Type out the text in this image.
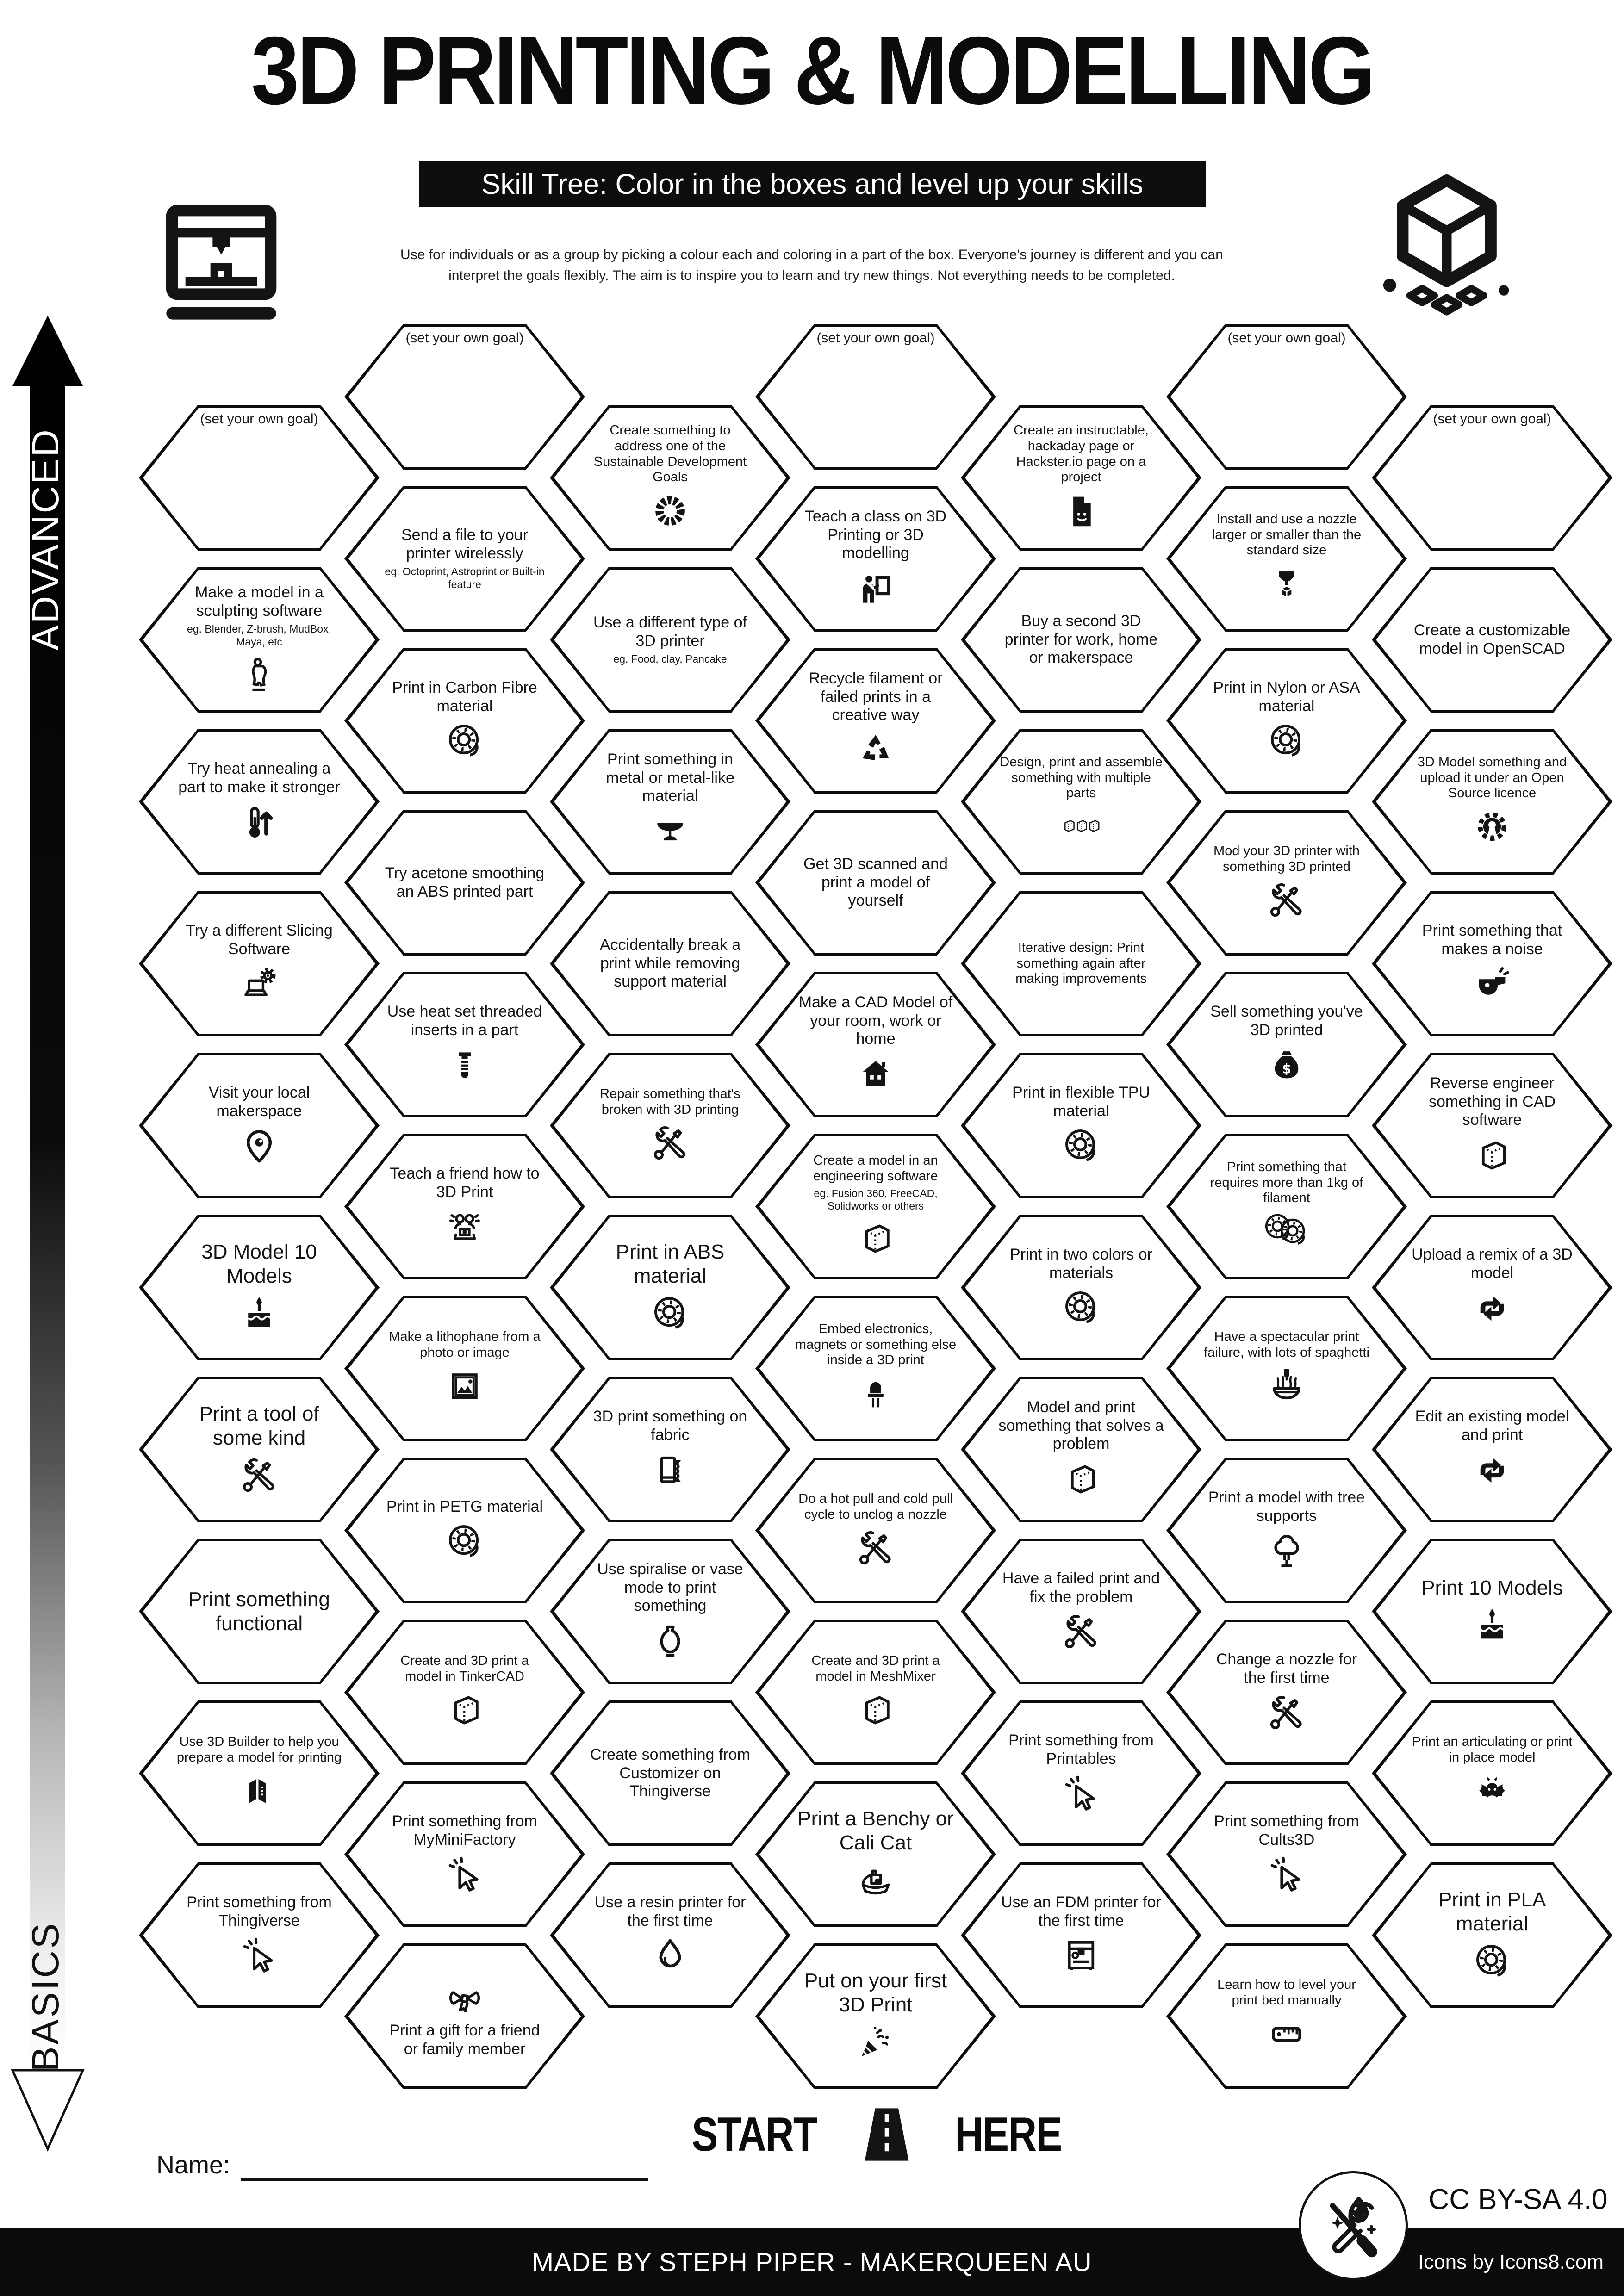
3D PRINTING & MODELLING
Skill Tree: Color in the boxes and level up your skills

Use for individuals or as a group by picking a colour each and coloring in a part of the box. Everyone's journey is different and you can
interpret the goals flexibly. The aim is to inspire you to learn and try new things. Not everything needs to be completed.

ADVANCED
BASICS
(set your own goal)
Make a model in a sculpting software
eg. Blender, Z-brush, MudBox, Maya, etc
Try heat annealing a part to make it stronger
Try a different Slicing Software
Visit your local makerspace
3D Model 10 Models
Print a tool of some kind
Print something functional
Use 3D Builder to help you prepare a model for printing
Print something from Thingiverse
(set your own goal)
Send a file to your printer wirelessly
eg. Octoprint, Astroprint or Built-in feature
Print in Carbon Fibre material
Try acetone smoothing an ABS printed part
Use heat set threaded inserts in a part
Teach a friend how to 3D Print
Make a lithophane from a photo or image
Print in PETG material
Create and 3D print a model in TinkerCAD
Print something from MyMiniFactory
Print a gift for a friend or family member
Create something to address one of the Sustainable Development Goals
Use a different type of 3D printer
eg. Food, clay, Pancake
Print something in metal or metal-like material
Accidentally break a print while removing support material
Repair something that's broken with 3D printing
Print in ABS material
3D print something on fabric
Use spiralise or vase mode to print something
Create something from Customizer on Thingiverse
Use a resin printer for the first time
(set your own goal)
Teach a class on 3D Printing or 3D modelling
Recycle filament or failed prints in a creative way
Get 3D scanned and print a model of yourself
Make a CAD Model of your room, work or home
Create a model in an engineering software
eg. Fusion 360, FreeCAD, Solidworks or others
Embed electronics, magnets or something else inside a 3D print
Do a hot pull and cold pull cycle to unclog a nozzle
Create and 3D print a model in MeshMixer
Print a Benchy or Cali Cat
Put on your first 3D Print
Create an instructable, hackaday page or Hackster.io page on a project
Buy a second 3D printer for work, home or makerspace
Design, print and assemble something with multiple parts
Iterative design: Print something again after making improvements
Print in flexible TPU material
Print in two colors or materials
Model and print something that solves a problem
Have a failed print and fix the problem
Print something from Printables
Use an FDM printer for the first time
(set your own goal)
Install and use a nozzle larger or smaller than the standard size
Print in Nylon or ASA material
Mod your 3D printer with something 3D printed
Sell something you've 3D printed
Print something that requires more than 1kg of filament
Have a spectacular print failure, with lots of spaghetti
Print a model with tree supports
Change a nozzle for the first time
Print something from Cults3D
Learn how to level your print bed manually
(set your own goal)
Create a customizable model in OpenSCAD
3D Model something and upload it under an Open Source licence
Print something that makes a noise
Reverse engineer something in CAD software
Upload a remix of a 3D model
Edit an existing model and print
Print 10 Models
Print an articulating or print in place model
Print in PLA material
START	HERE
Name:
CC BY-SA 4.0
MADE BY STEPH PIPER - MAKERQUEEN AU	Icons by Icons8.com
